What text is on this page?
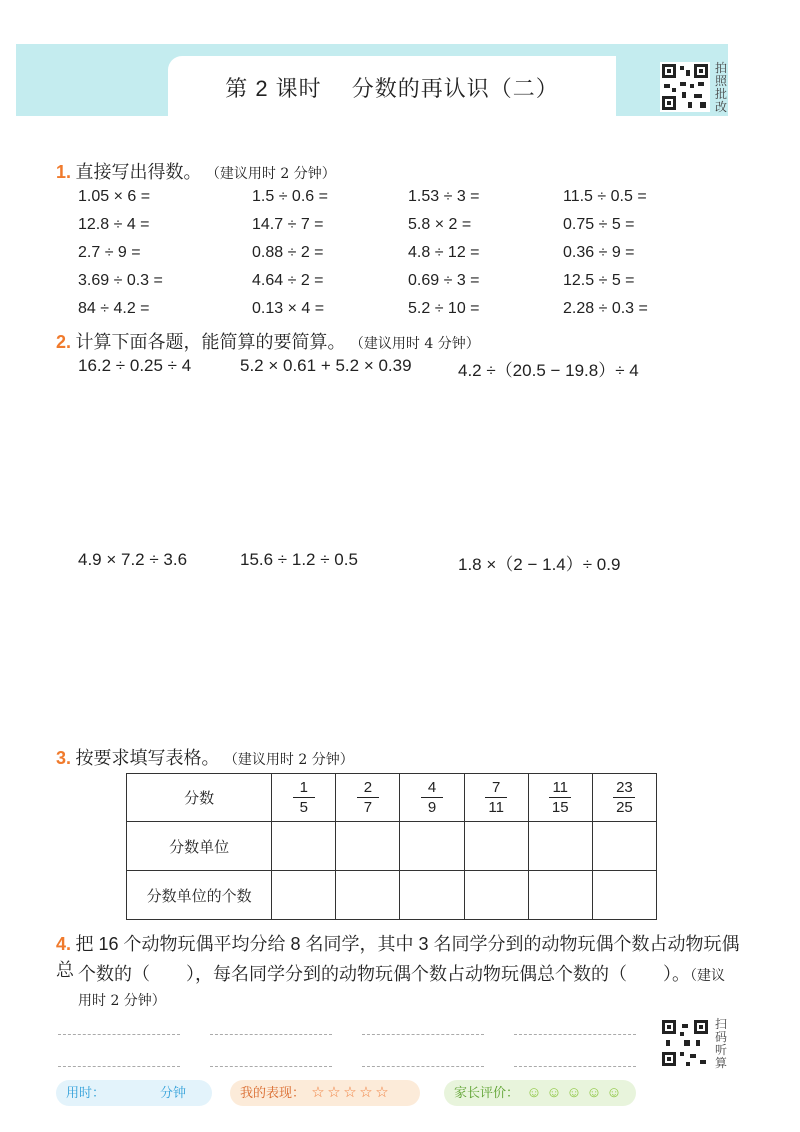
第 2 课时 　分数的再认识（二）
拍照批改
1. 直接写出得数。 （建议用时 2 分钟）
1.05 × 6 =	1.5 ÷ 0.6 =	1.53 ÷ 3 =	11.5 ÷ 0.5 =
12.8 ÷ 4 =	14.7 ÷ 7 =	5.8 × 2 =	0.75 ÷ 5 =
2.7 ÷ 9 =	0.88 ÷ 2 =	4.8 ÷ 12 =	0.36 ÷ 9 =
3.69 ÷ 0.3 =	4.64 ÷ 2 =	0.69 ÷ 3 =	12.5 ÷ 5 =
84 ÷ 4.2 =	0.13 × 4 =	5.2 ÷ 10 =	2.28 ÷ 0.3 =
2. 计算下面各题，能简算的要简算。 （建议用时 4 分钟）
16.2 ÷ 0.25 ÷ 4	5.2 × 0.61 + 5.2 × 0.39	4.2 ÷（20.5 − 19.8）÷ 4
4.9 × 7.2 ÷ 3.6	15.6 ÷ 1.2 ÷ 0.5	1.8 ×（2 − 1.4）÷ 0.9
3. 按要求填写表格。 （建议用时 2 分钟）
分数	$\frac{1}{5}$	$\frac{2}{7}$	$\frac{4}{9}$	$\frac{7}{11}$	$\frac{11}{15}$	$\frac{23}{25}$

分数单位						
分数单位的个数						
4. 把 16 个动物玩偶平均分给 8 名同学，其中 3 名同学分到的动物玩偶个数占动物玩偶总 个数的（　　），每名同学分到的动物玩偶个数占动物玩偶总个数的（　　）。（建议
用时 2 分钟）
扫码听算
用时：	分钟	我的表现： ☆ ☆ ☆ ☆ ☆	家长评价： ☺ ☺ ☺ ☺ ☺
